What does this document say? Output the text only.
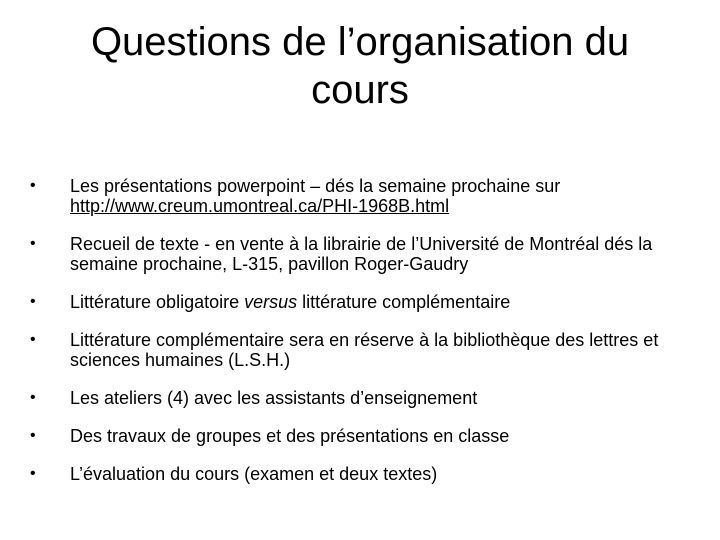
Questions de l’organisation du
cours
• Les présentations powerpoint – dés la semaine prochaine sur
http://www.creum.umontreal.ca/PHI-1968B.html
• Recueil de texte - en vente à la librairie de l’Université de Montréal dés la semaine prochaine, L-315, pavillon Roger-Gaudry
• Littérature obligatoire versus littérature complémentaire
• Littérature complémentaire sera en réserve à la bibliothèque des lettres et sciences humaines (L.S.H.)
• Les ateliers (4) avec les assistants d’enseignement
• Des travaux de groupes et des présentations en classe
• L’évaluation du cours (examen et deux textes)
